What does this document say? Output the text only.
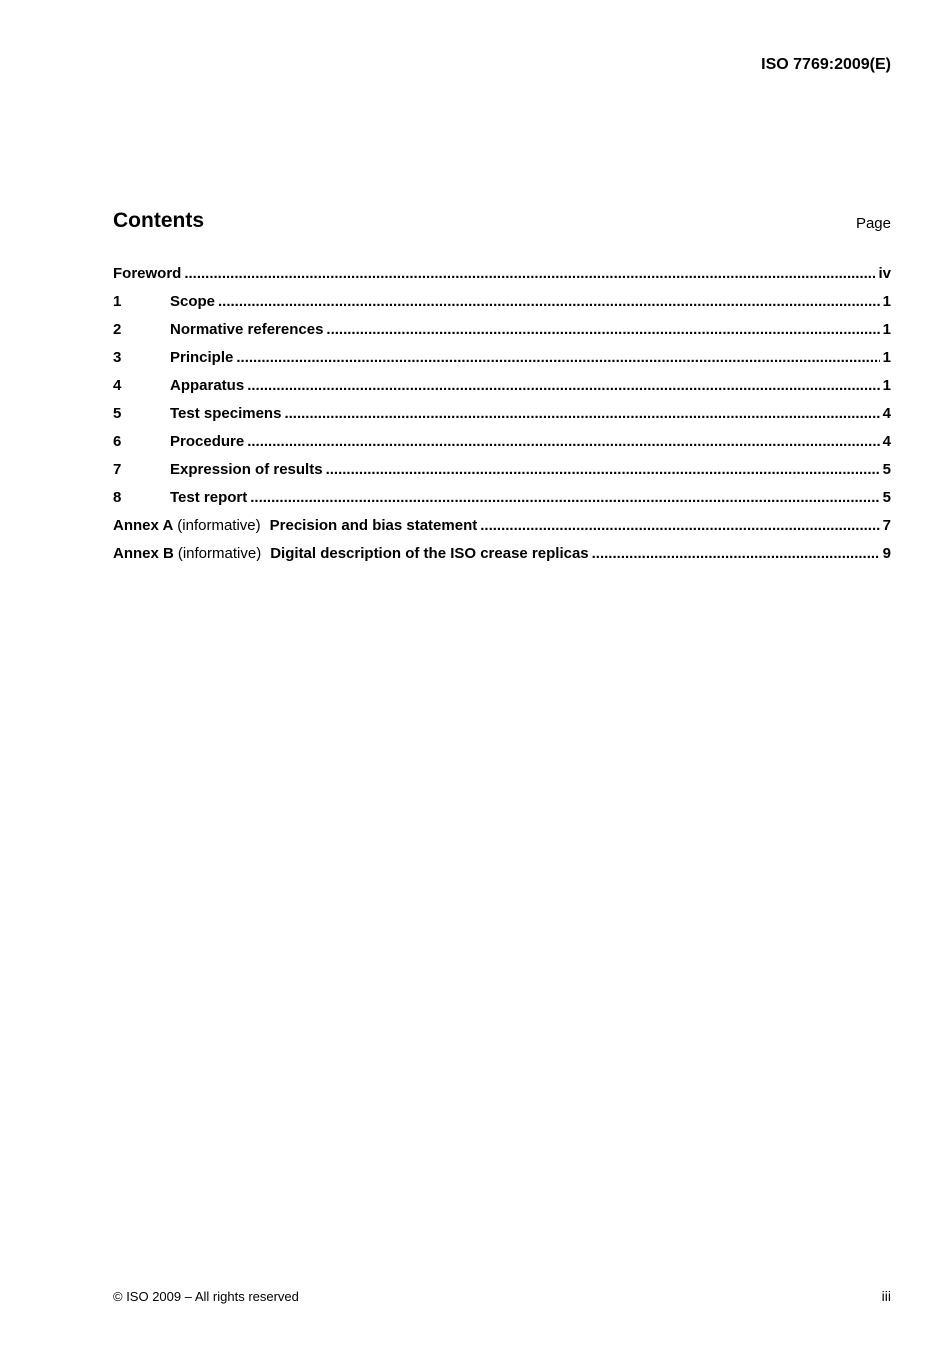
ISO 7769:2009(E)
Contents	Page
Foreword .....	iv
1	Scope .....	1
2	Normative references .....	1
3	Principle .....	1
4	Apparatus .....	1
5	Test specimens .....	4
6	Procedure .....	4
7	Expression of results .....	5
8	Test report .....	5
Annex A (informative) Precision and bias statement .....	7
Annex B (informative) Digital description of the ISO crease replicas .....	9
© ISO 2009 – All rights reserved	iii
